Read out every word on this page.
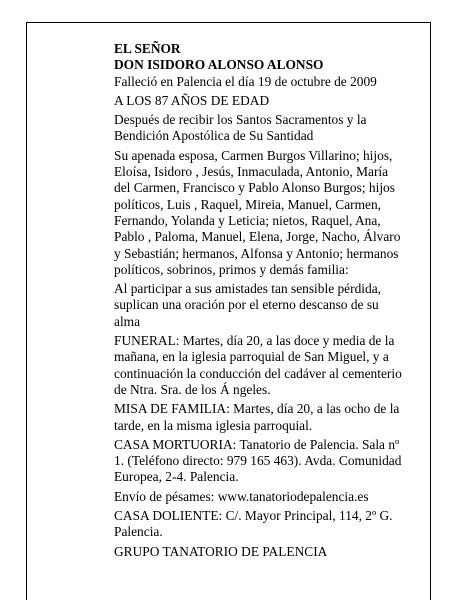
EL SEÑOR

DON ISIDORO ALONSO ALONSO

Falleció en Palencia el día 19 de octubre de 2009

A LOS 87 AÑOS DE EDAD

Después de recibir los Santos Sacramentos y la Bendición Apostólica de Su Santidad

Su apenada esposa, Carmen Burgos Villarino; hijos, Eloísa, Isidoro , Jesús, Inmaculada, Antonio, María del Carmen, Francisco y Pablo Alonso Burgos; hijos políticos, Luis , Raquel, Mireia, Manuel, Carmen, Fernando, Yolanda y Leticia; nietos, Raquel, Ana, Pablo , Paloma, Manuel, Elena, Jorge, Nacho, Álvaro y Sebastián; hermanos, Alfonsa y Antonio; hermanos políticos, sobrinos, primos y demás familia:

Al participar a sus amistades tan sensible pérdida, suplican una oración por el eterno descanso de su alma

FUNERAL: Martes, día 20, a las doce y media de la mañana, en la iglesia parroquial de San Miguel, y a continuación la conducción del cadáver al cementerio de Ntra. Sra. de los Á ngeles.

MISA DE FAMILIA: Martes, día 20, a las ocho de la tarde, en la misma iglesia parroquial.

CASA MORTUORIA: Tanatorio de Palencia. Sala nº 1. (Teléfono directo: 979 165 463). Avda. Comunidad Europea, 2-4. Palencia.

Envío de pésames: www.tanatoriodepalencia.es

CASA DOLIENTE: C/. Mayor Principal, 114, 2º G. Palencia.

GRUPO TANATORIO DE PALENCIA
